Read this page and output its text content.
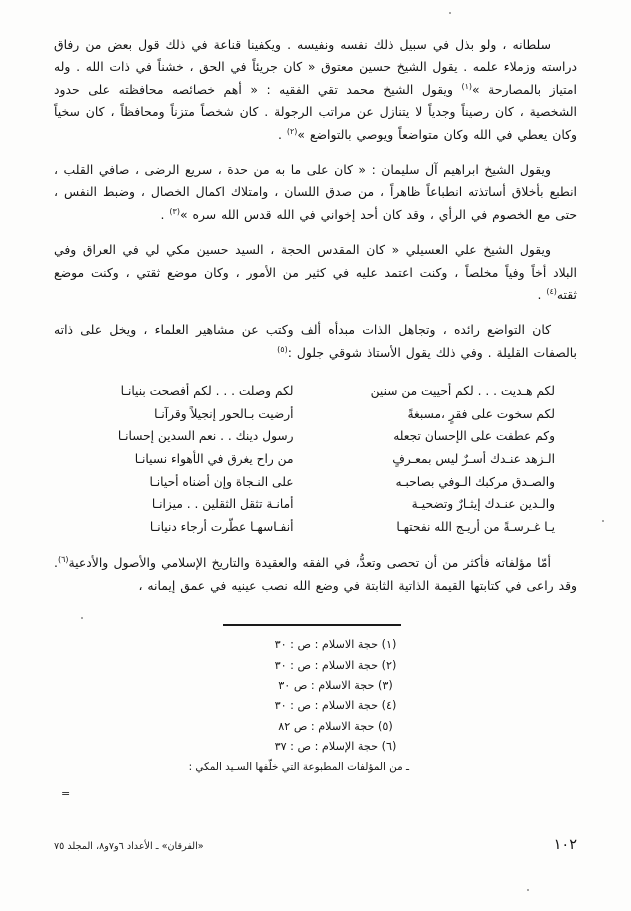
سلطانه ، ولو بذل في سبيل ذلك نفسه ونفيسه . ويكفينا قناعة في ذلك قول بعض من رفاق دراسته وزملاء علمه . يقول الشيخ حسين معتوق « كان جريئاً في الحق ، خشناً في ذات الله . وله امتياز بالمصارحة »$^{(١)}$ ويقول الشيخ محمد تقي الفقيه : « أهم خصائصه محافظته على حدود الشخصية ، كان رصيناً وجدياً لا يتنازل عن مراتب الرجولة . كان شخصاً متزناً ومحافظاً ، كان سخياً وكان يعطي في الله وكان متواضعاً ويوصي بالتواضع »$^{(٢)}$ .

ويقول الشيخ ابراهيم آل سليمان : « كان على ما به من حدة ، سريع الرضى ، صافي القلب ، انطبع بأخلاق أساتذته انطباعاً ظاهراً ، من صدق اللسان ، وامتلاك اكمال الخصال ، وضبط النفس ، حتى مع الخصوم في الرأي ، وقد كان أحد إخواني في الله قدس الله سره »$^{(٣)}$ .

ويقول الشيخ علي العسيلي « كان المقدس الحجة ، السيد حسين مكي لي في العراق وفي البلاد أخاً وفياً مخلصاً ، وكنت اعتمد عليه في كثير من الأمور ، وكان موضع ثقتي ، وكنت موضع ثقته$^{(٤)}$ .

كان التواضع رائده ، وتجاهل الذات مبدأه ألف وكتب عن مشاهير العلماء ، ويخل على ذاته بالصفات القليلة . وفي ذلك يقول الأستاذ شوقي جلول :$^{(٥)}$

لكم هـديت . . . لكم أحييت من سنين
لكم وصلت . . . لكم أفصحت بنيانـا
لكم سخوت على فقرٍ ،مسبغةً
أرضيت بـالحور إنجيلاً وقرآنـا
وكم عطفت على الإحسان تجعله
رسول دينك . . نعم السدين إحسانـا
الـزهد عنـدك أسـرٌ ليس بمعـرفٍ
من راح يغرق في الأهواء نسيانـا
والصـدق مركبك الـوفي بصاحبـه
على النـجاة وإن أضناه أحيانـا
والـدين عنـدك إيثـارٌ وتضحيـة
أمانـة تثقل الثقلين . . ميزانـا
يـا غـرسـةً من أريـج الله نفحتهـا
أنفـاسهـا عطّرت أرجاء دنيانـا

أمّا مؤلفاته فأكثر من أن تحصى وتعدُّ، في الفقه والعقيدة والتاريخ الإسلامي والأصول والأدعية$^{(٦)}$. وقد راعى في كتابتها القيمة الذاتية الثابتة في وضع الله نصب عينيه في عمق إيمانه ،

(١) حجة الاسلام : ص : ٣٠
(٢) حجة الاسلام : ص : ٣٠
(٣) حجة الاسلام : ص ٣٠
(٤) حجة الاسلام : ص : ٣٠
(٥) حجة الاسلام : ص ٨٢
(٦) حجة الإسلام : ص : ٣٧
ـ من المؤلفات المطبوعة التي خلّفها السـيد المكي :
=
«الفرقان» ـ الأعداد ٦و٧و٨، المجلد ٧٥	١٠٢
